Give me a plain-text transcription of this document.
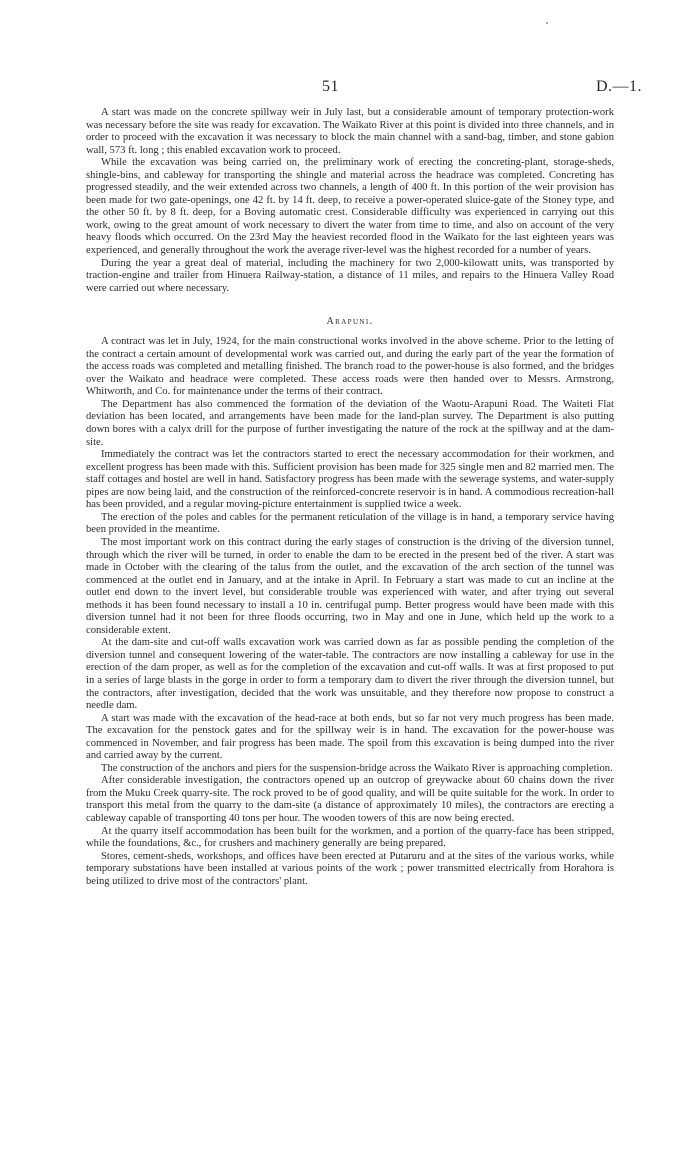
51	D.—1.

A start was made on the concrete spillway weir in July last, but a considerable amount of temporary protection-work was necessary before the site was ready for excavation. The Waikato River at this point is divided into three channels, and in order to proceed with the excavation it was necessary to block the main channel with a sand-bag, timber, and stone gabion wall, 573 ft. long ; this enabled excavation work to proceed.

While the excavation was being carried on, the preliminary work of erecting the concreting-plant, storage-sheds, shingle-bins, and cableway for transporting the shingle and material across the headrace was completed. Concreting has progressed steadily, and the weir extended across two channels, a length of 400 ft. In this portion of the weir provision has been made for two gate-openings, one 42 ft. by 14 ft. deep, to receive a power-operated sluice-gate of the Stoney type, and the other 50 ft. by 8 ft. deep, for a Boving automatic crest. Considerable difficulty was experienced in carrying out this work, owing to the great amount of work necessary to divert the water from time to time, and also on account of the very heavy floods which occurred. On the 23rd May the heaviest recorded flood in the Waikato for the last eighteen years was experienced, and generally throughout the work the average river-level was the highest recorded for a number of years.

During the year a great deal of material, including the machinery for two 2,000-kilowatt units, was transported by traction-engine and trailer from Hinuera Railway-station, a distance of 11 miles, and repairs to the Hinuera Valley Road were carried out where necessary.

Arapuni.

A contract was let in July, 1924, for the main constructional works involved in the above scheme. Prior to the letting of the contract a certain amount of developmental work was carried out, and during the early part of the year the formation of the access roads was completed and metalling finished. The branch road to the power-house is also formed, and the bridges over the Waikato and headrace were completed. These access roads were then handed over to Messrs. Armstrong, Whitworth, and Co. for maintenance under the terms of their contract.

The Department has also commenced the formation of the deviation of the Waotu-Arapuni Road. The Waiteti Flat deviation has been located, and arrangements have been made for the land-plan survey. The Department is also putting down bores with a calyx drill for the purpose of further investigating the nature of the rock at the spillway and at the dam-site.

Immediately the contract was let the contractors started to erect the necessary accommodation for their workmen, and excellent progress has been made with this. Sufficient provision has been made for 325 single men and 82 married men. The staff cottages and hostel are well in hand. Satisfactory progress has been made with the sewerage systems, and water-supply pipes are now being laid, and the construction of the reinforced-concrete reservoir is in hand. A commodious recreation-hall has been provided, and a regular moving-picture entertainment is supplied twice a week.

The erection of the poles and cables for the permanent reticulation of the village is in hand, a temporary service having been provided in the meantime.

The most important work on this contract during the early stages of construction is the driving of the diversion tunnel, through which the river will be turned, in order to enable the dam to be erected in the present bed of the river. A start was made in October with the clearing of the talus from the outlet, and the excavation of the arch section of the tunnel was commenced at the outlet end in January, and at the intake in April. In February a start was made to cut an incline at the outlet end down to the invert level, but considerable trouble was experienced with water, and after trying out several methods it has been found necessary to install a 10 in. centrifugal pump. Better progress would have been made with this diversion tunnel had it not been for three floods occurring, two in May and one in June, which held up the work to a considerable extent.

At the dam-site and cut-off walls excavation work was carried down as far as possible pending the completion of the diversion tunnel and consequent lowering of the water-table. The contractors are now installing a cableway for use in the erection of the dam proper, as well as for the completion of the excavation and cut-off walls. It was at first proposed to put in a series of large blasts in the gorge in order to form a temporary dam to divert the river through the diversion tunnel, but the contractors, after investigation, decided that the work was unsuitable, and they therefore now propose to construct a needle dam.

A start was made with the excavation of the head-race at both ends, but so far not very much progress has been made. The excavation for the penstock gates and for the spillway weir is in hand. The excavation for the power-house was commenced in November, and fair progress has been made. The spoil from this excavation is being dumped into the river and carried away by the current.

The construction of the anchors and piers for the suspension-bridge across the Waikato River is approaching completion.

After considerable investigation, the contractors opened up an outcrop of greywacke about 60 chains down the river from the Muku Creek quarry-site. The rock proved to be of good quality, and will be quite suitable for the work. In order to transport this metal from the quarry to the dam-site (a distance of approximately 10 miles), the contractors are erecting a cableway capable of transporting 40 tons per hour. The wooden towers of this are now being erected.

At the quarry itself accommodation has been built for the workmen, and a portion of the quarry-face has been stripped, while the foundations, &c., for crushers and machinery generally are being prepared.

Stores, cement-sheds, workshops, and offices have been erected at Putaruru and at the sites of the various works, while temporary substations have been installed at various points of the work ; power transmitted electrically from Horahora is being utilized to drive most of the contractors' plant.
